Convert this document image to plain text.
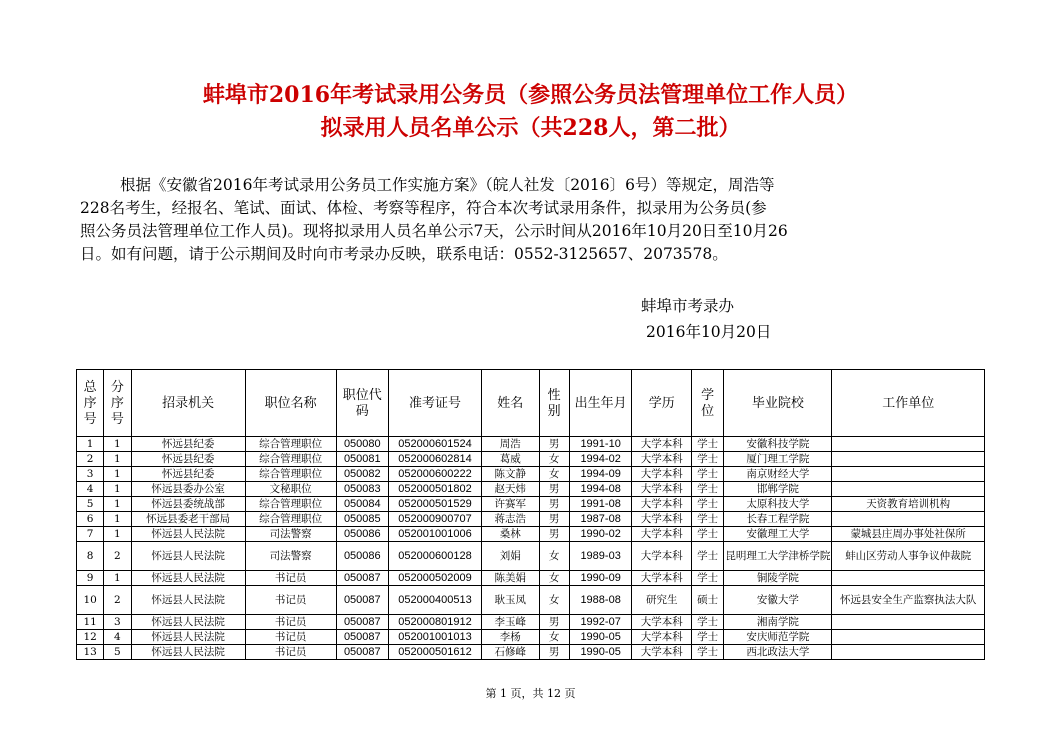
蚌埠市2016年考试录用公务员（参照公务员法管理单位工作人员）
拟录用人员名单公示（共228人，第二批）
根据《安徽省2016年考试录用公务员工作实施方案》（皖人社发〔2016〕6号）等规定，周浩等
228名考生，经报名、笔试、面试、体检、考察等程序，符合本次考试录用条件，拟录用为公务员(参
照公务员法管理单位工作人员)。现将拟录用人员名单公示7天，公示时间从2016年10月20日至10月26
日。如有问题，请于公示期间及时向市考录办反映，联系电话：0552-3125657、2073578。
蚌埠市考录办
2016年10月20日
总
序
号	分
序
号	招录机关	职位名称	职位代
码	准考证号	姓名	性
别	出生年月	学历	学
位	毕业院校	工作单位
1	1	怀远县纪委	综合管理职位	050080	052000601524	周浩	男	1991-10	大学本科	学士	安徽科技学院	
2	1	怀远县纪委	综合管理职位	050081	052000602814	葛威	女	1994-02	大学本科	学士	厦门理工学院	
3	1	怀远县纪委	综合管理职位	050082	052000600222	陈文静	女	1994-09	大学本科	学士	南京财经大学	
4	1	怀远县委办公室	文秘职位	050083	052000501802	赵天炜	男	1994-08	大学本科	学士	邯郸学院	
5	1	怀远县委统战部	综合管理职位	050084	052000501529	许赛军	男	1991-08	大学本科	学士	太原科技大学	天资教育培训机构
6	1	怀远县委老干部局	综合管理职位	050085	052000900707	蒋志浩	男	1987-08	大学本科	学士	长春工程学院	
7	1	怀远县人民法院	司法警察	050086	052001001006	桑林	男	1990-02	大学本科	学士	安徽理工大学	蒙城县庄周办事处社保所
8	2	怀远县人民法院	司法警察	050086	052000600128	刘娟	女	1989-03	大学本科	学士	昆明理工大学津桥学院	蚌山区劳动人事争议仲裁院
9	1	怀远县人民法院	书记员	050087	052000502009	陈美娟	女	1990-09	大学本科	学士	铜陵学院	
10	2	怀远县人民法院	书记员	050087	052000400513	耿玉凤	女	1988-08	研究生	硕士	安徽大学	怀远县安全生产监察执法大队
11	3	怀远县人民法院	书记员	050087	052000801912	李玉峰	男	1992-07	大学本科	学士	湘南学院	
12	4	怀远县人民法院	书记员	050087	052001001013	李杨	女	1990-05	大学本科	学士	安庆师范学院	
13	5	怀远县人民法院	书记员	050087	052000501612	石修峰	男	1990-05	大学本科	学士	西北政法大学	
第 1 页，共 12 页
